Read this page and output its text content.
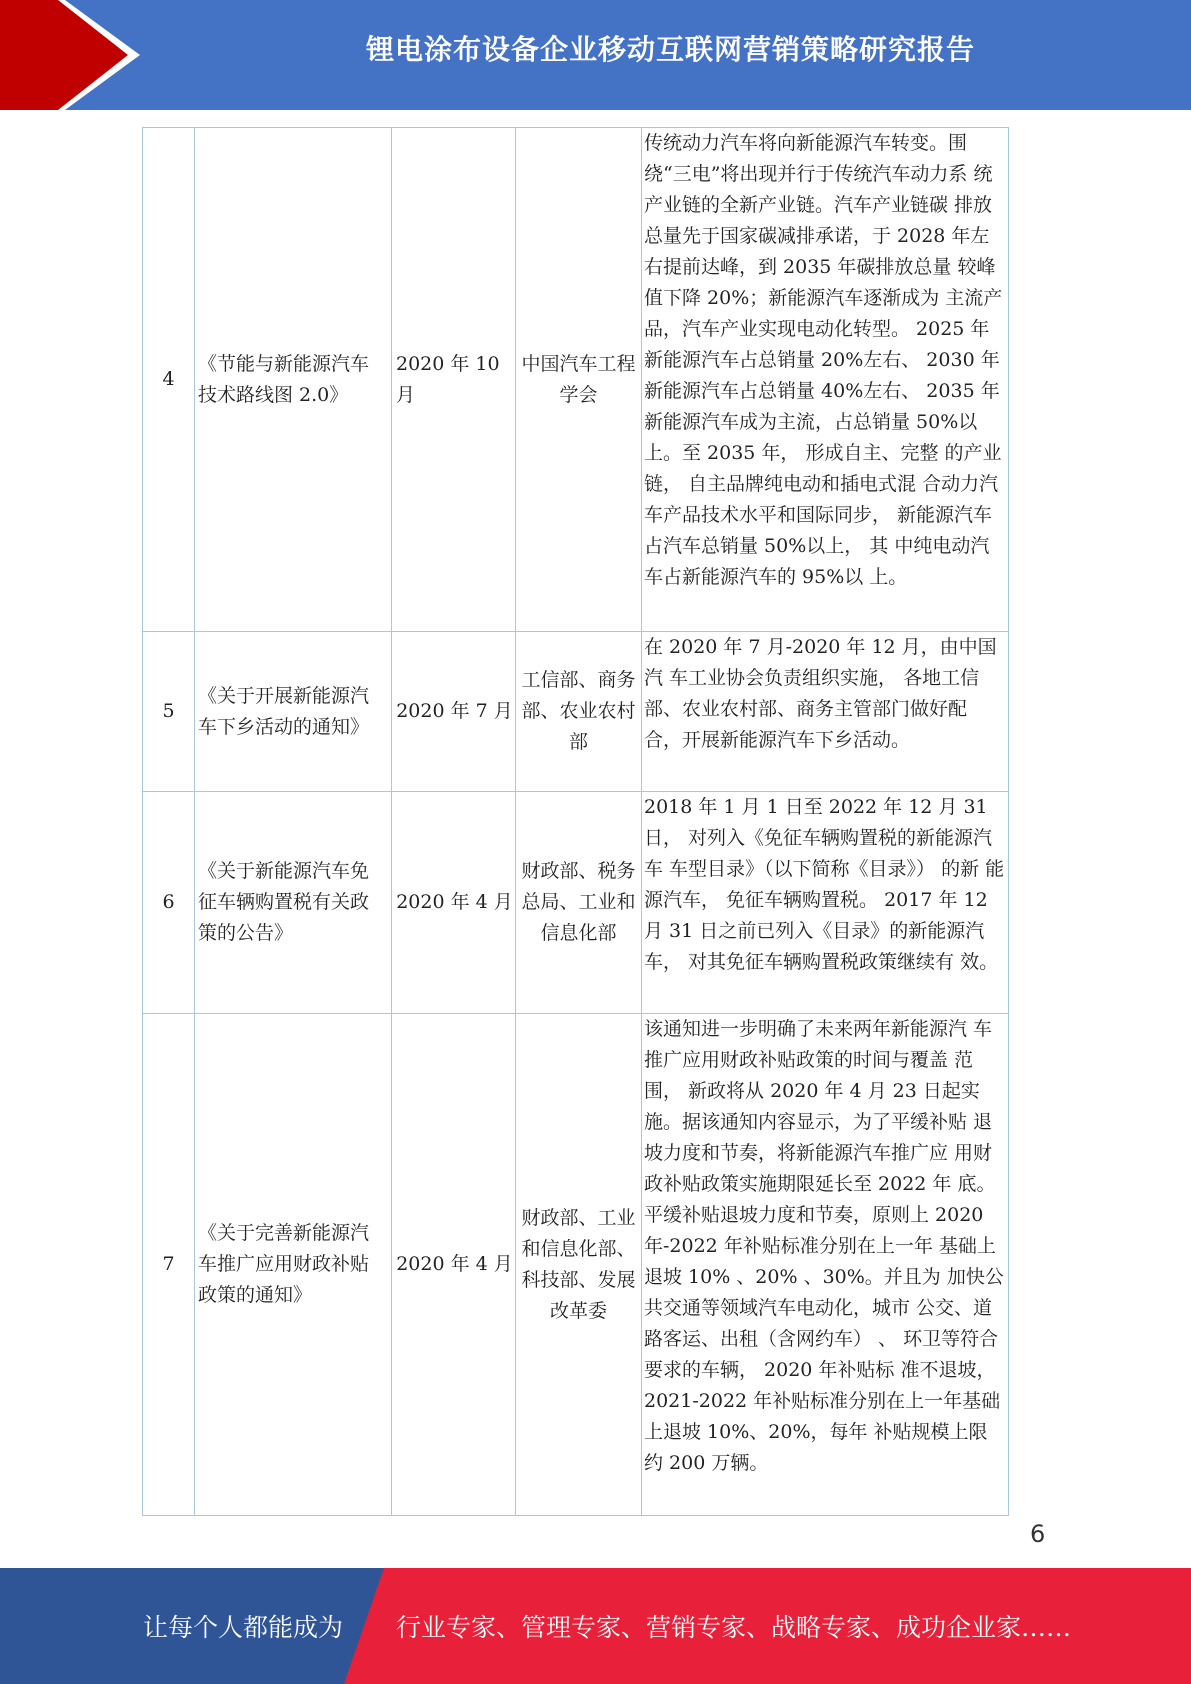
锂电涂布设备企业移动互联网营销策略研究报告
4	《节能与新能源汽车 技术路线图 2.0》	2020 年 10 月	中国汽车工程学会	传统动力汽车将向新能源汽车转变。围 绕“三电”将出现并行于传统汽车动力系 统产业链的全新产业链。汽车产业链碳 排放总量先于国家碳减排承诺，于 2028 年左右提前达峰，到 2035 年碳排放总量 较峰值下降 20%；新能源汽车逐渐成为 主流产品，汽车产业实现电动化转型。 2025 年新能源汽车占总销量 20%左右、 2030 年新能源汽车占总销量 40%左右、 2035 年新能源汽车成为主流，占总销量 50%以上。至 2035 年， 形成自主、完整 的产业链， 自主品牌纯电动和插电式混 合动力汽车产品技术水平和国际同步， 新能源汽车占汽车总销量 50%以上， 其 中纯电动汽车占新能源汽车的 95%以 上。
5	《关于开展新能源汽 车下乡活动的通知》	2020 年 7 月	工信部、商务部、农业农村部	在 2020 年 7 月-2020 年 12 月，由中国汽 车工业协会负责组织实施， 各地工信 部、农业农村部、商务主管部门做好配 合，开展新能源汽车下乡活动。
6	《关于新能源汽车免 征车辆购置税有关政 策的公告》	2020 年 4 月	财政部、税务总局、工业和信息化部	2018 年 1 月 1 日至 2022 年 12 月 31 日， 对列入《免征车辆购置税的新能源汽车 车型目录》（以下简称《目录》） 的新 能源汽车， 免征车辆购置税。 2017 年 12 月 31 日之前已列入《目录》的新能源汽 车， 对其免征车辆购置税政策继续有 效。
7	《关于完善新能源汽 车推广应用财政补贴 政策的通知》	2020 年 4 月	财政部、工业和信息化部、科技部、发展改革委	该通知进一步明确了未来两年新能源汽 车推广应用财政补贴政策的时间与覆盖 范围， 新政将从 2020 年 4 月 23 日起实 施。据该通知内容显示，为了平缓补贴 退坡力度和节奏，将新能源汽车推广应 用财政补贴政策实施期限延长至 2022 年 底。平缓补贴退坡力度和节奏，原则上 2020 年-2022 年补贴标准分别在上一年 基础上退坡 10% 、20% 、30%。并且为 加快公共交通等领域汽车电动化，城市 公交、道路客运、出租（含网约车） 、 环卫等符合要求的车辆， 2020 年补贴标 准不退坡，2021-2022 年补贴标准分别在上一年基础上退坡 10%、20%，每年 补贴规模上限约 200 万辆。
6
让每个人都能成为 行业专家、管理专家、营销专家、战略专家、成功企业家……
